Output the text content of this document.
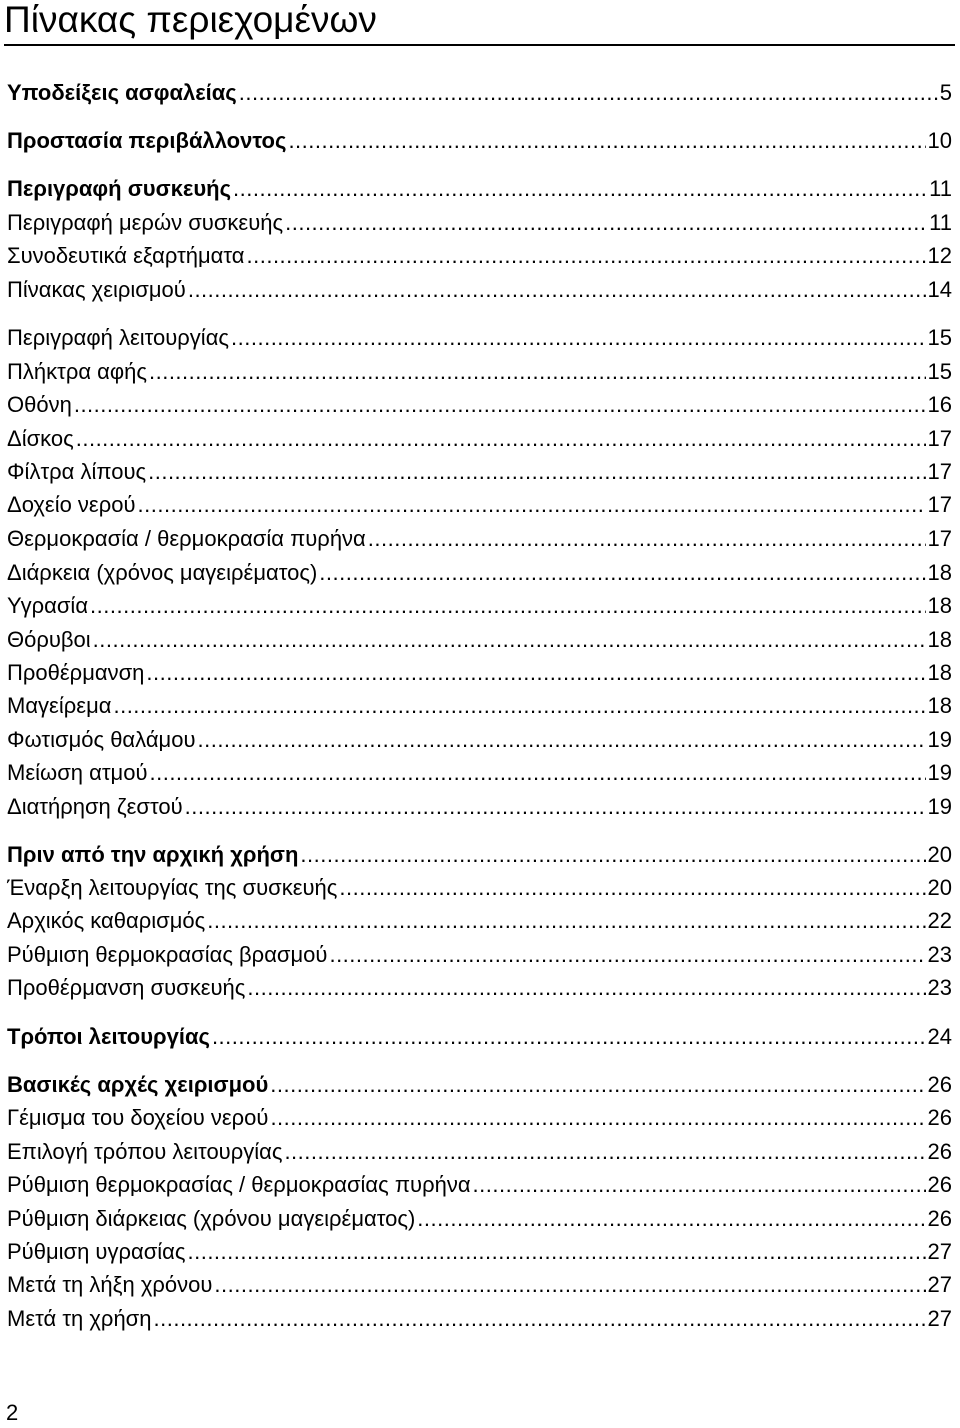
Πίνακας περιεχομένων
Υποδείξεις ασφαλείας .....	5
Προστασία περιβάλλοντος .....	10
Περιγραφή συσκευής .....	11
Περιγραφή μερών συσκευής .....	11
Συνοδευτικά εξαρτήματα .....	12
Πίνακας χειρισμού .....	14
Περιγραφή λειτουργίας .....	15
Πλήκτρα αφής .....	15
Οθόνη .....	16
Δίσκος .....	17
Φίλτρα λίπους .....	17
Δοχείο νερού .....	17
Θερμοκρασία / θερμοκρασία πυρήνα .....	17
Διάρκεια (χρόνος μαγειρέματος) .....	18
Υγρασία .....	18
Θόρυβοι .....	18
Προθέρμανση .....	18
Μαγείρεμα .....	18
Φωτισμός θαλάμου .....	19
Μείωση ατμού .....	19
Διατήρηση ζεστού .....	19
Πριν από την αρχική χρήση .....	20
Έναρξη λειτουργίας της συσκευής .....	20
Αρχικός καθαρισμός .....	22
Ρύθμιση θερμοκρασίας βρασμού .....	23
Προθέρμανση συσκευής .....	23
Τρόποι λειτουργίας .....	24
Βασικές αρχές χειρισμού .....	26
Γέμισμα του δοχείου νερού .....	26
Επιλογή τρόπου λειτουργίας .....	26
Ρύθμιση θερμοκρασίας / θερμοκρασίας πυρήνα .....	26
Ρύθμιση διάρκειας (χρόνου μαγειρέματος) .....	26
Ρύθμιση υγρασίας .....	27
Μετά τη λήξη χρόνου .....	27
Μετά τη χρήση .....	27
2
